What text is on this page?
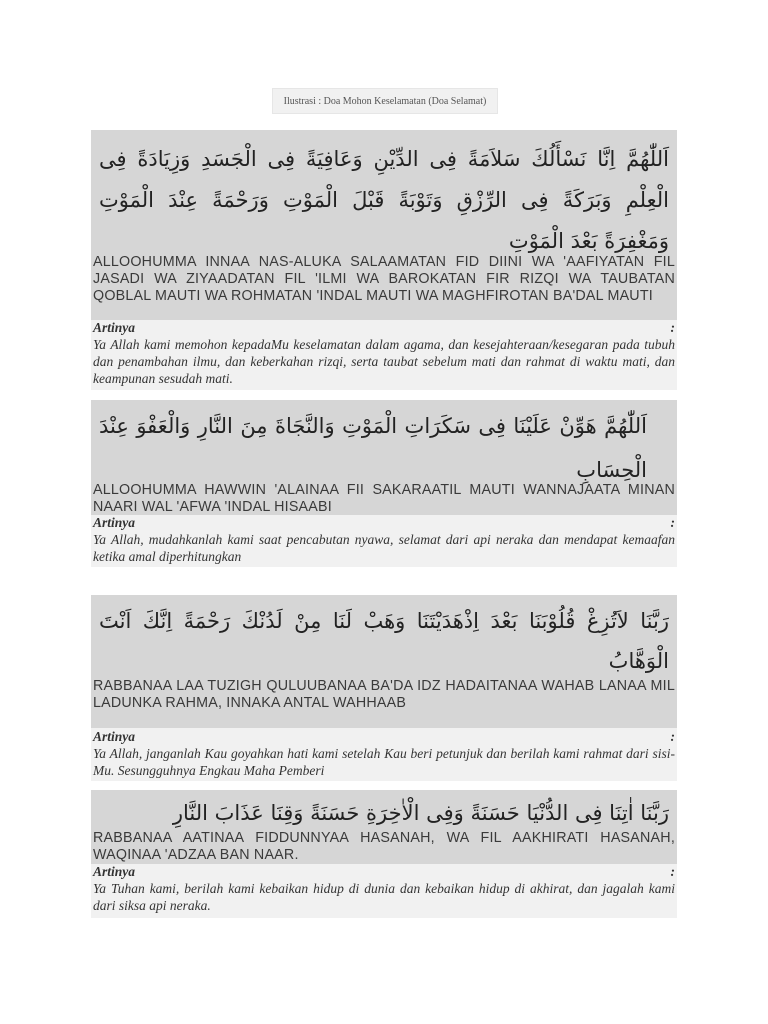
Ilustrasi : Doa Mohon Keselamatan (Doa Selamat)
اَللّٰهُمَّ اِنَّا نَسْأَلُكَ سَلاَمَةً فِى الدِّيْنِ وَعَافِيَةً فِى الْجَسَدِ وَزِيَادَةً فِى الْعِلْمِ وَبَرَكَةً فِى الرِّزْقِ وَتَوْبَةً قَبْلَ الْمَوْتِ وَرَحْمَةً عِنْدَ الْمَوْتِ وَمَغْفِرَةً بَعْدَ الْمَوْتِ
ALLOOHUMMA INNAA NAS-ALUKA SALAAMATAN FID DIINI WA 'AAFIYATAN FIL JASADI WA ZIYAADATAN FIL 'ILMI WA BAROKATAN FIR RIZQI WA TAUBATAN QOBLAL MAUTI WA ROHMATAN 'INDAL MAUTI WA MAGHFIROTAN BA'DAL MAUTI
Artinya	:
Ya Allah kami memohon kepadaMu keselamatan dalam agama, dan kesejahteraan/kesegaran pada tubuh dan penambahan ilmu, dan keberkahan rizqi, serta taubat sebelum mati dan rahmat di waktu mati, dan keampunan sesudah mati.
اَللّٰهُمَّ هَوِّنْ عَلَيْنَا فِى سَكَرَاتِ الْمَوْتِ وَالنَّجَاةَ مِنَ النَّارِ وَالْعَفْوَ عِنْدَ الْحِسَابِ
ALLOOHUMMA HAWWIN 'ALAINAA FII SAKARAATIL MAUTI WANNAJAATA MINAN NAARI WAL 'AFWA 'INDAL HISAABI
Artinya	:
Ya Allah, mudahkanlah kami saat pencabutan nyawa, selamat dari api neraka dan mendapat kemaafan ketika amal diperhitungkan
رَبَّنَا لاَتُزِغْ قُلُوْبَنَا بَعْدَ اِذْهَدَيْتَنَا وَهَبْ لَنَا مِنْ لَدُنْكَ رَحْمَةً اِنَّكَ اَنْتَ الْوَهَّابُ
RABBANAA LAA TUZIGH QULUUBANAA BA'DA IDZ HADAITANAA WAHAB LANAA MIL LADUNKA RAHMA, INNAKA ANTAL WAHHAAB
Artinya	:
Ya Allah, janganlah Kau goyahkan hati kami setelah Kau beri petunjuk dan berilah kami rahmat dari sisi-Mu. Sesungguhnya Engkau Maha Pemberi
رَبَّنَا اٰتِنَا فِى الدُّنْيَا حَسَنَةً وَفِى الْاٰخِرَةِ حَسَنَةً وَقِنَا عَذَابَ النَّارِ
RABBANAA AATINAA FIDDUNNYAA HASANAH, WA FIL AAKHIRATI HASANAH, WAQINAA 'ADZAA BAN NAAR.
Artinya	:
Ya Tuhan kami, berilah kami kebaikan hidup di dunia dan kebaikan hidup di akhirat, dan jagalah kami dari siksa api neraka.
